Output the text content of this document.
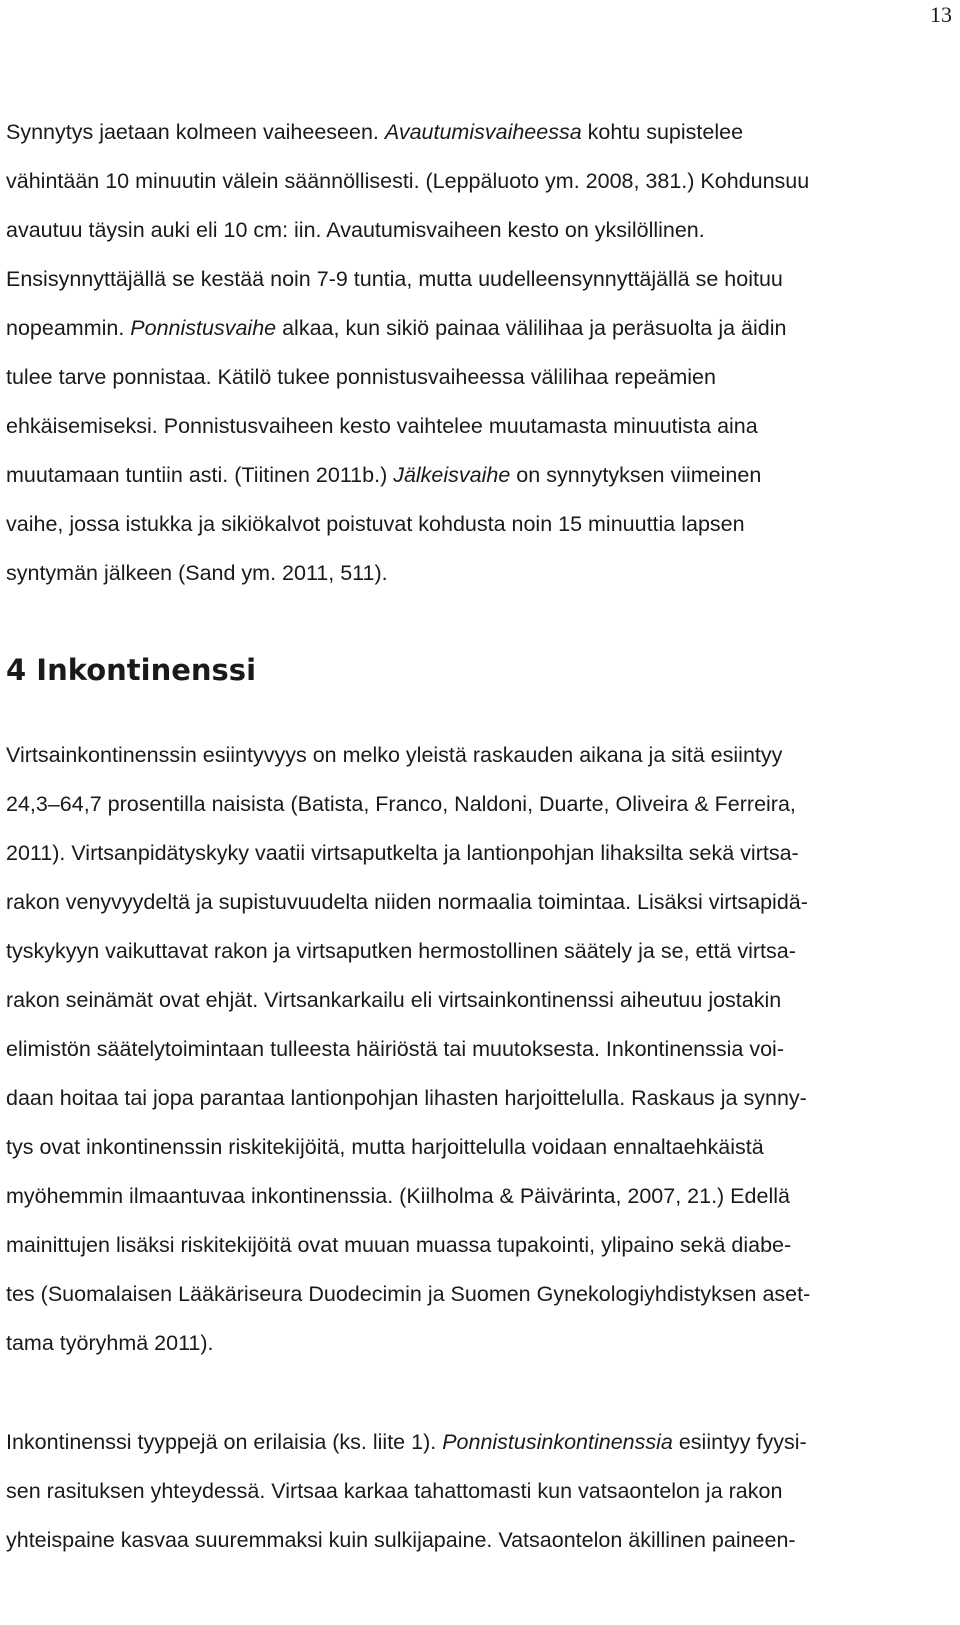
13

Synnytys jaetaan kolmeen vaiheeseen. Avautumisvaiheessa kohtu supistelee
vähintään 10 minuutin välein säännöllisesti. (Leppäluoto ym. 2008, 381.) Kohdunsuu
avautuu täysin auki eli 10 cm: iin. Avautumisvaiheen kesto on yksilöllinen.
Ensisynnyttäjällä se kestää noin 7-9 tuntia, mutta uudelleensynnyttäjällä se hoituu
nopeammin. Ponnistusvaihe alkaa, kun sikiö painaa välilihaa ja peräsuolta ja äidin
tulee tarve ponnistaa. Kätilö tukee ponnistusvaiheessa välilihaa repeämien
ehkäisemiseksi. Ponnistusvaiheen kesto vaihtelee muutamasta minuutista aina
muutamaan tuntiin asti. (Tiitinen 2011b.) Jälkeisvaihe on synnytyksen viimeinen
vaihe, jossa istukka ja sikiökalvot poistuvat kohdusta noin 15 minuuttia lapsen
syntymän jälkeen (Sand ym. 2011, 511).

4 Inkontinenssi

Virtsainkontinenssin esiintyvyys on melko yleistä raskauden aikana ja sitä esiintyy
24,3–64,7 prosentilla naisista (Batista, Franco, Naldoni, Duarte, Oliveira & Ferreira,
2011). Virtsanpidätyskyky vaatii virtsaputkelta ja lantionpohjan lihaksilta sekä virtsa-
rakon venyvyydeltä ja supistuvuudelta niiden normaalia toimintaa. Lisäksi virtsapidä-
tyskykyyn vaikuttavat rakon ja virtsaputken hermostollinen säätely ja se, että virtsa-
rakon seinämät ovat ehjät. Virtsankarkailu eli virtsainkontinenssi aiheutuu jostakin
elimistön säätelytoimintaan tulleesta häiriöstä tai muutoksesta. Inkontinenssia voi-
daan hoitaa tai jopa parantaa lantionpohjan lihasten harjoittelulla. Raskaus ja synny-
tys ovat inkontinenssin riskitekijöitä, mutta harjoittelulla voidaan ennaltaehkäistä
myöhemmin ilmaantuvaa inkontinenssia. (Kiilholma & Päivärinta, 2007, 21.) Edellä
mainittujen lisäksi riskitekijöitä ovat muuan muassa tupakointi, ylipaino sekä diabe-
tes (Suomalaisen Lääkäriseura Duodecimin ja Suomen Gynekologiyhdistyksen aset-
tama työryhmä 2011).

Inkontinenssi tyyppejä on erilaisia (ks. liite 1). Ponnistusinkontinenssia esiintyy fyysi-
sen rasituksen yhteydessä. Virtsaa karkaa tahattomasti kun vatsaontelon ja rakon
yhteispaine kasvaa suuremmaksi kuin sulkijapaine. Vatsaontelon äkillinen paineen-
